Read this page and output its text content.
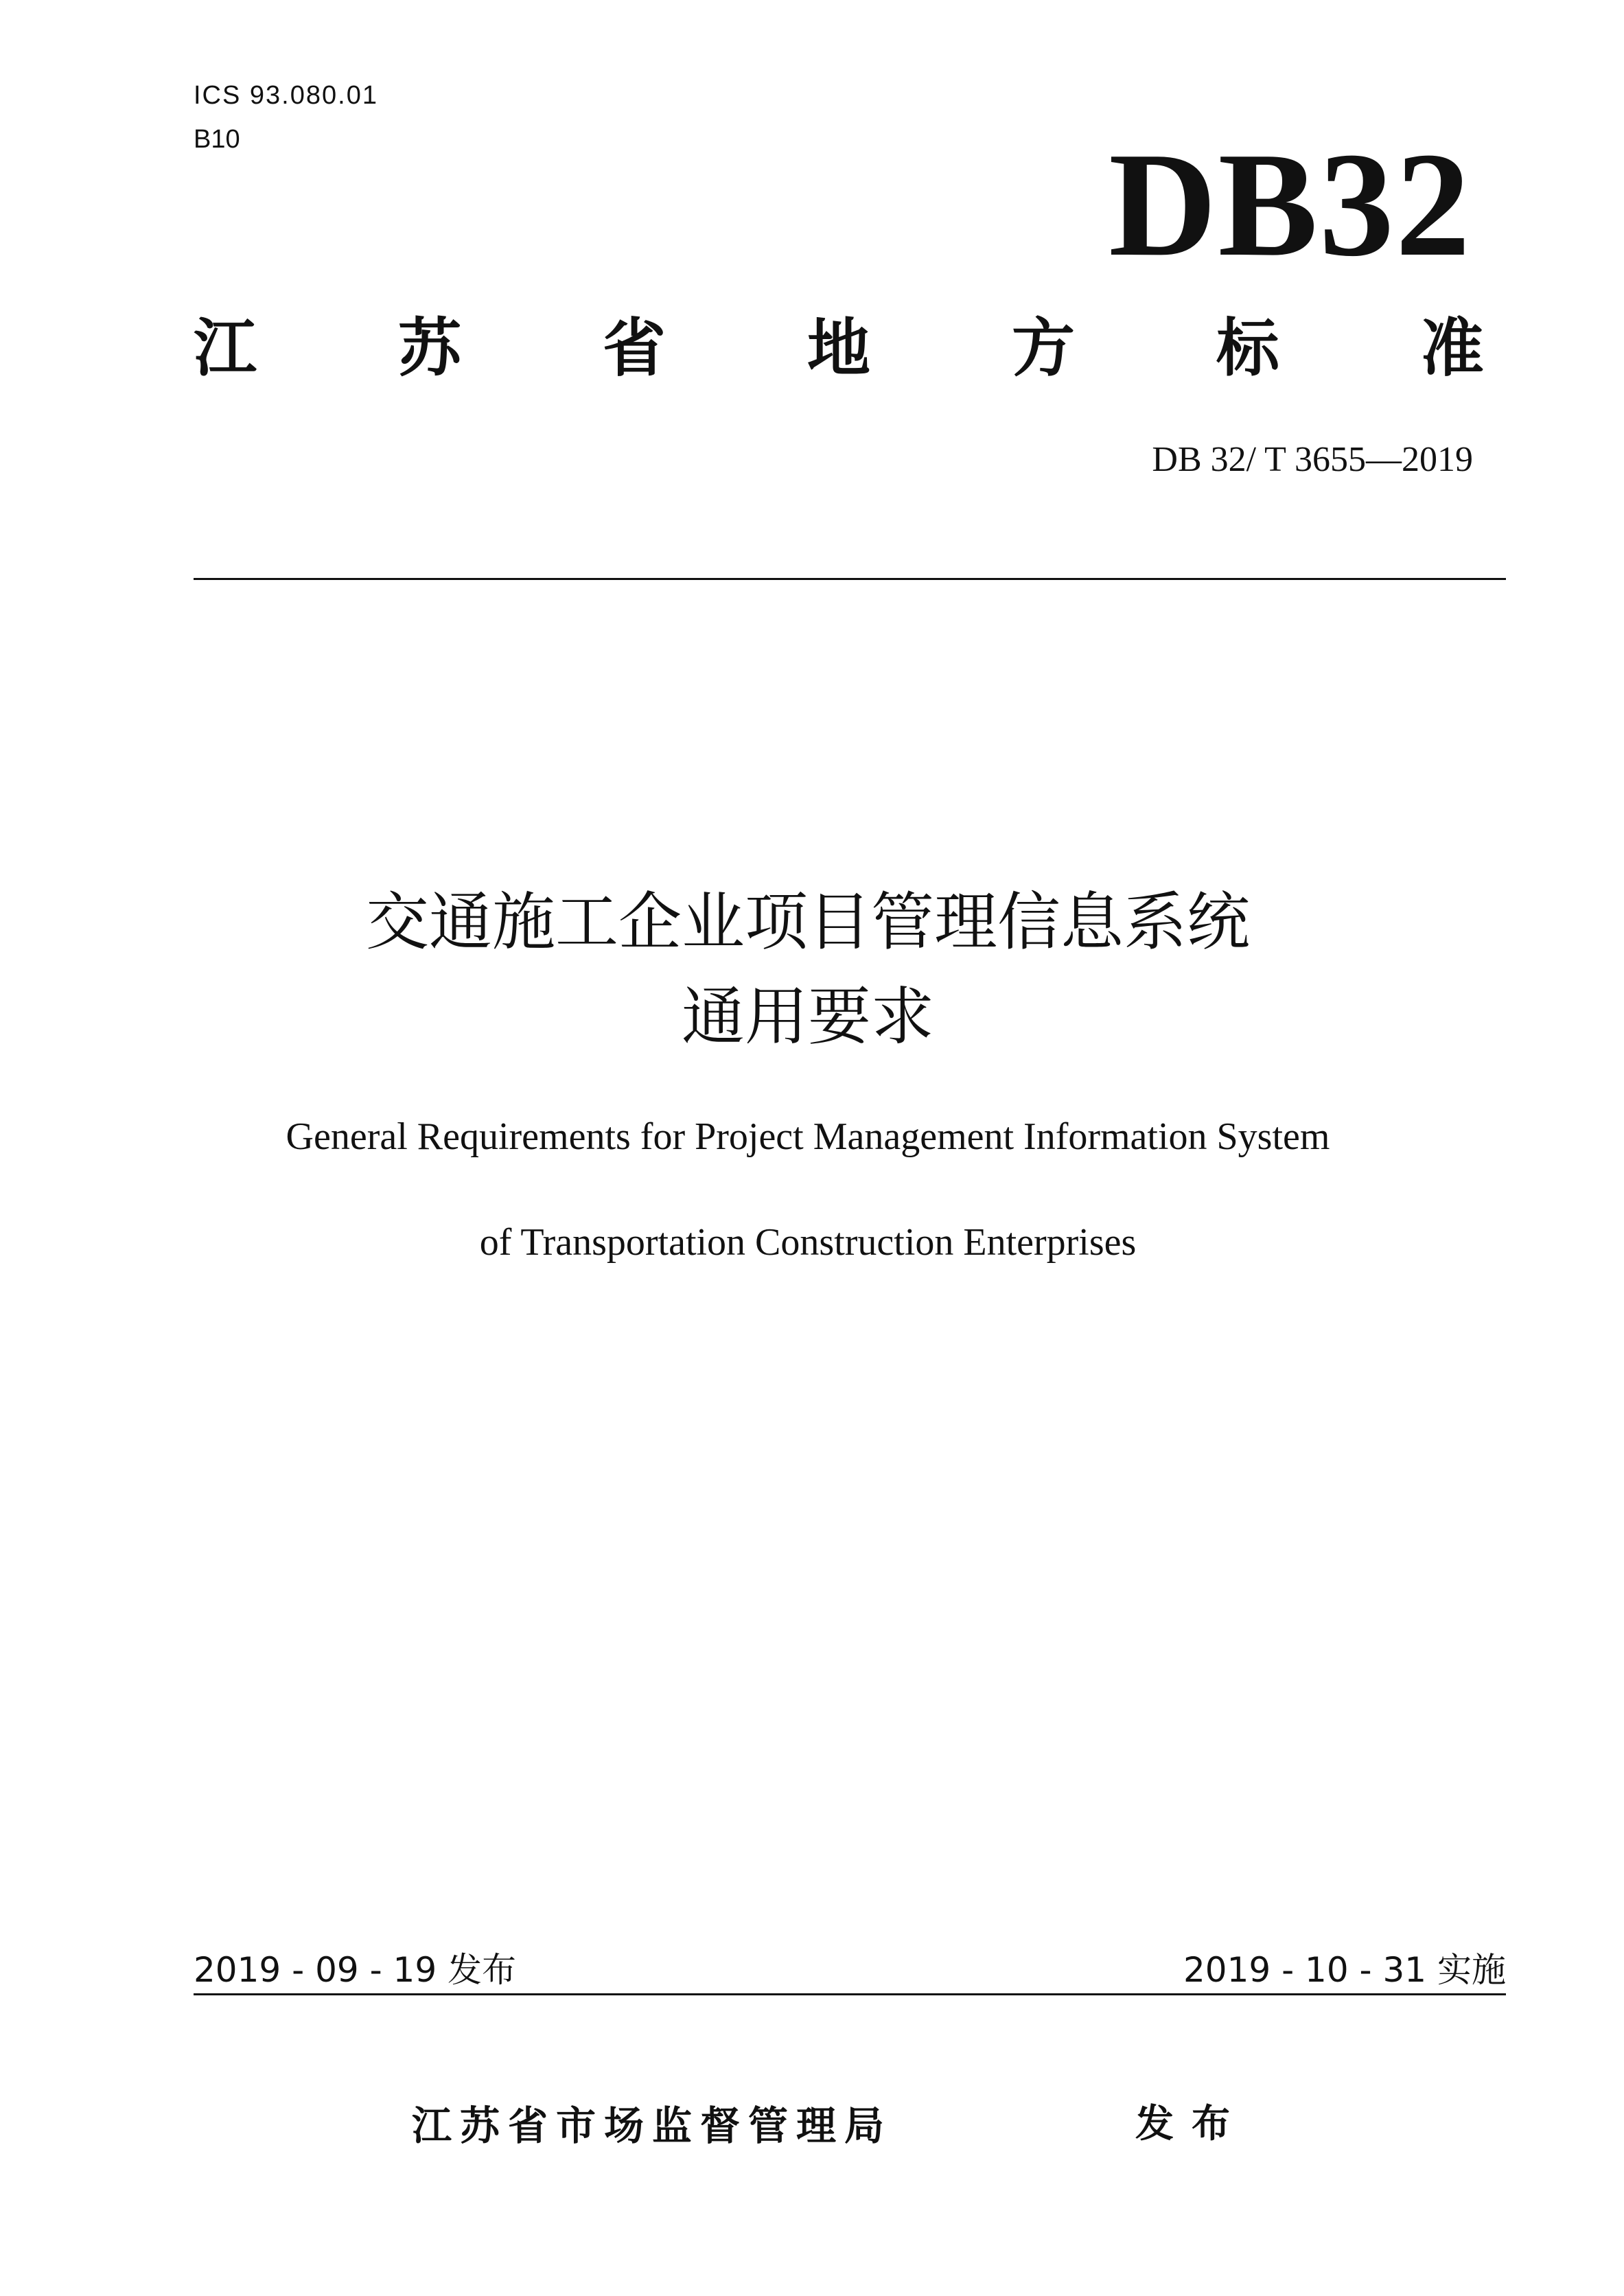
ICS 93.080.01
B10	DB32
江 苏 省 地 方 标 准
DB 32/ T 3655—2019
交通施工企业项目管理信息系统
通用要求
General Requirements for Project Management Information System
of Transportation Construction Enterprises
2019 - 09 - 19 发布	2019 - 10 - 31 实施
江苏省市场监督管理局	发布
